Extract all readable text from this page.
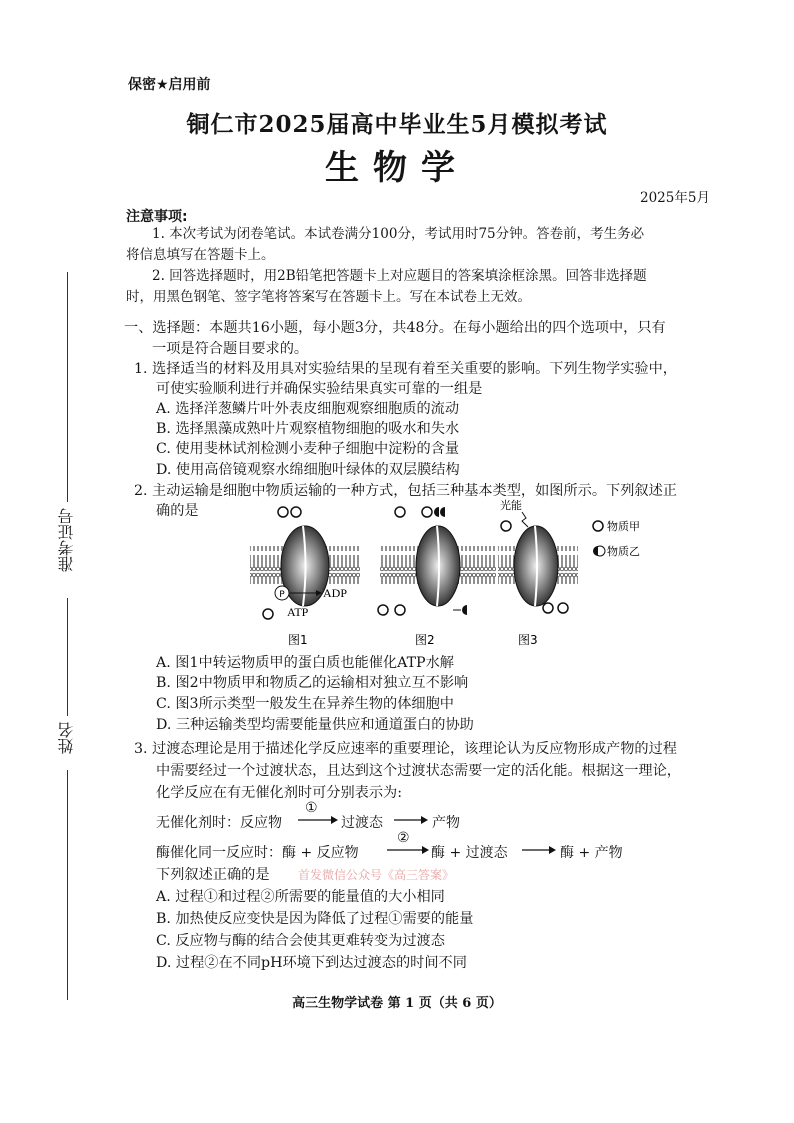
保密★启用前
铜仁市2025届高中毕业生5月模拟考试
生物学
2025年5月
注意事项:
1. 本次考试为闭卷笔试。本试卷满分100分，考试用时75分钟。答卷前，考生务必
将信息填写在答题卡上。
2. 回答选择题时，用2B铅笔把答题卡上对应题目的答案填涂框涂黑。回答非选择题
时，用黑色钢笔、签字笔将答案写在答题卡上。写在本试卷上无效。
准考证号
姓名
一、选择题：本题共16小题，每小题3分，共48分。在每小题给出的四个选项中，只有
一项是符合题目要求的。
1. 选择适当的材料及用具对实验结果的呈现有着至关重要的影响。下列生物学实验中，
可使实验顺利进行并确保实验结果真实可靠的一组是
A. 选择洋葱鳞片叶外表皮细胞观察细胞质的流动
B. 选择黑藻成熟叶片观察植物细胞的吸水和失水
C. 使用斐林试剂检测小麦种子细胞中淀粉的含量
D. 使用高倍镜观察水绵细胞叶绿体的双层膜结构
2. 主动运输是细胞中物质运输的一种方式，包括三种基本类型，如图所示。下列叙述正
确的是
P	ADP
ATP
光能
物质甲
物质乙
图1	图2	图3
A. 图1中转运物质甲的蛋白质也能催化ATP水解
B. 图2中物质甲和物质乙的运输相对独立互不影响
C. 图3所示类型一般发生在异养生物的体细胞中
D. 三种运输类型均需要能量供应和通道蛋白的协助
3. 过渡态理论是用于描述化学反应速率的重要理论，该理论认为反应物形成产物的过程
中需要经过一个过渡状态，且达到这个过渡状态需要一定的活化能。根据这一理论，
化学反应在有无催化剂时可分别表示为:
无催化剂时：反应物
①
过渡态	产物
酶催化同一反应时：酶 + 反应物
②
酶 + 过渡态	酶 + 产物
下列叙述正确的是 首发微信公众号《高三答案》
A. 过程①和过程②所需要的能量值的大小相同
B. 加热使反应变快是因为降低了过程①需要的能量
C. 反应物与酶的结合会使其更难转变为过渡态
D. 过程②在不同pH环境下到达过渡态的时间不同
高三生物学试卷 第 1 页（共 6 页）
